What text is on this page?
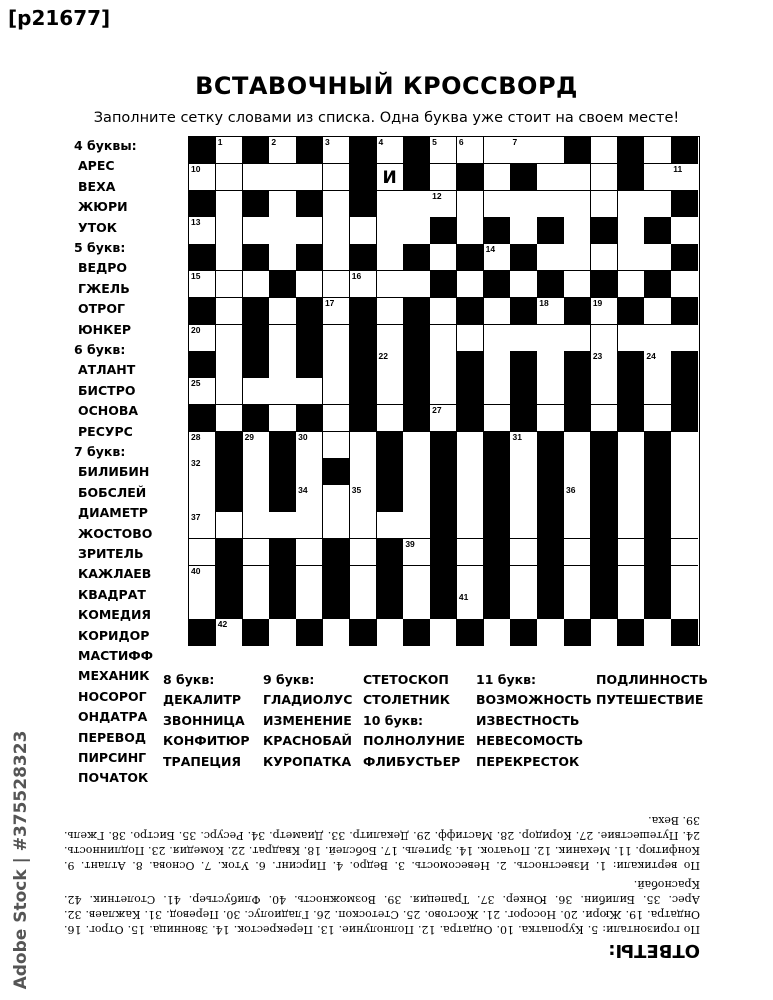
[p21677]
ВСТАВОЧНЫЙ КРОССВОРД
Заполните сетку словами из списка. Одна буква уже стоит на своем месте!
1	2	3	4	5	6	7
10	И	11
12
13
14
15	16
17	18	19
20
22	23	24
25
27
28	29	30	31
32
34	35	36
37
39
40
41
42
4 буквы:
АРЕС
ВЕХА
ЖЮРИ
УТОК
5 букв:
ВЕДРО
ГЖЕЛЬ
ОТРОГ
ЮНКЕР
6 букв:
АТЛАНТ
БИСТРО
ОСНОВА
РЕСУРС
7 букв:
БИЛИБИН
БОБСЛЕЙ
ДИАМЕТР
ЖОСТОВО
ЗРИТЕЛЬ
КАЖЛАЕВ
КВАДРАТ
КОМЕДИЯ
КОРИДОР
МАСТИФФ
МЕХАНИК
НОСОРОГ
ОНДАТРА
ПЕРЕВОД
ПИРСИНГ
ПОЧАТОК
8 букв:
ДЕКАЛИТР
ЗВОННИЦА
КОНФИТЮР
ТРАПЕЦИЯ
9 букв:
ГЛАДИОЛУС
ИЗМЕНЕНИЕ
КРАСНОБАЙ
КУРОПАТКА
СТЕТОСКОП
СТОЛЕТНИК
10 букв:
ПОЛНОЛУНИЕ
ФЛИБУСТЬЕР
11 букв:
ВОЗМОЖНОСТЬ
ИЗВЕСТНОСТЬ
НЕВЕСОМОСТЬ
ПЕРЕКРЕСТОК
ПОДЛИННОСТЬ
ПУТЕШЕСТВИЕ
ОТВЕТЫ:

По горизонтали: 5. Куропатка. 10. Ондатра. 12. Полнолуние. 13. Перекресток. 14. Звонница. 15. Отрог. 16. Ондатра. 19. Жюри. 20. Носорог. 21. Жостово. 25. Стетоскоп. 26. Гладиолус. 30. Перевод. 31. Кажлаев. 32. Арес. 35. Билибин. 36. Юнкер. 37. Трапеция. 39. Возможность. 40. Флибустьер. 41. Столетник. 42. Краснобай.

По вертикали: 1. Известность. 2. Невесомость. 3. Ведро. 4. Пирсинг. 6. Уток. 7. Основа. 8. Атлант. 9. Конфитюр. 11. Механик. 12. Початок. 14. Зритель. 17. Бобслей. 18. Квадрат. 22. Комедия. 23. Подлинность. 24. Путешествие. 27. Коридор. 28. Мастифф. 29. Декалитр. 33. Диаметр. 34. Ресурс. 35. Бистро. 38. Гжель. 39. Веха.

Adobe Stock | #375528323
